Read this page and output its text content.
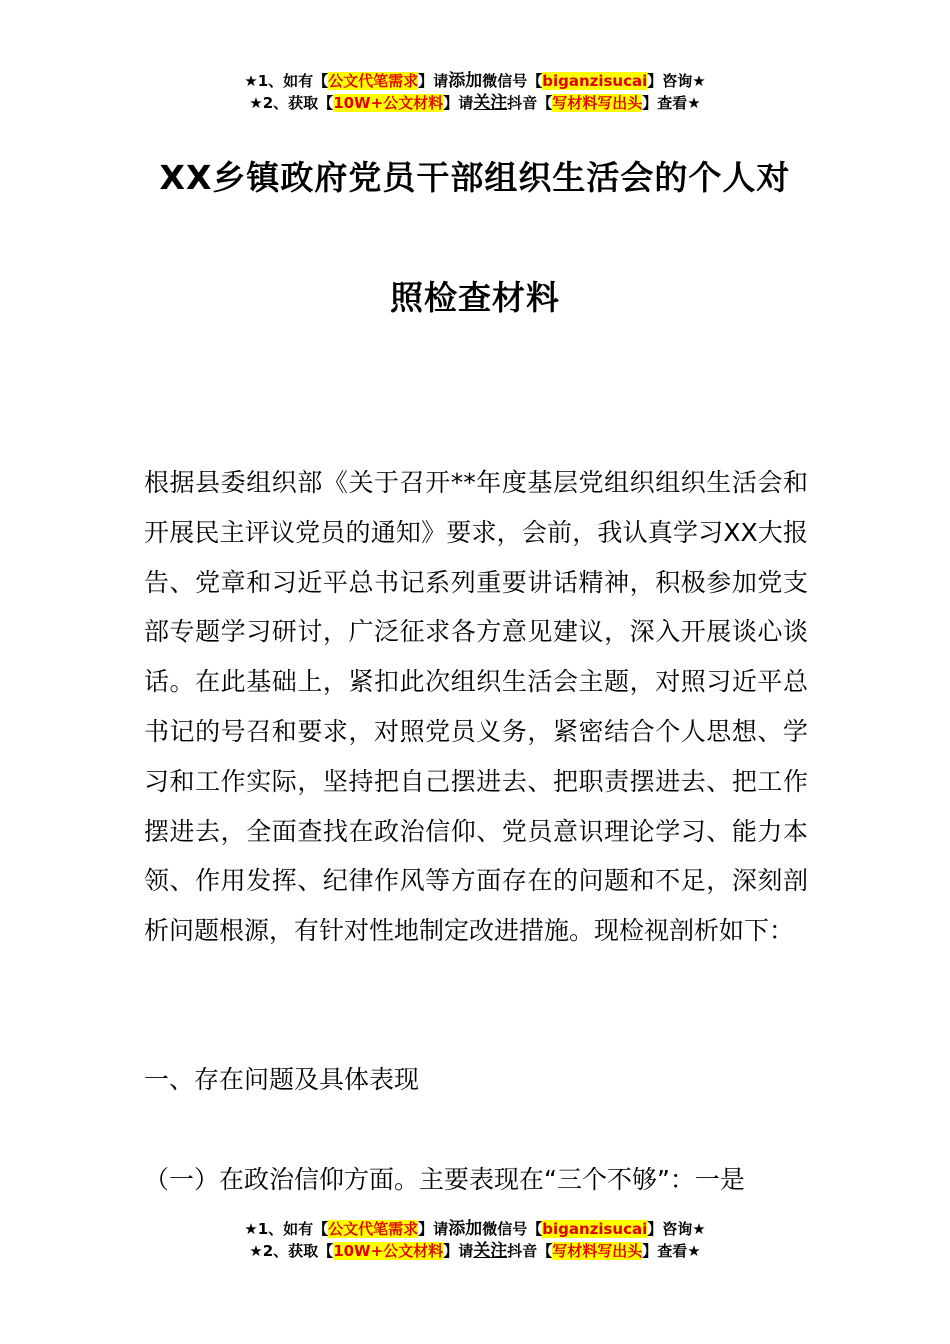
★1、如有【公文代笔需求】请添加微信号【biganzisucai】咨询★
★2、获取【10W+公文材料】请关注抖音【写材料写出头】查看★
XX乡镇政府党员干部组织生活会的个人对
照检查材料
根据县委组织部《关于召开**年度基层党组织组织生活会和开展民主评议党员的通知》要求，会前，我认真学习XX大报告、党章和习近平总书记系列重要讲话精神，积极参加党支部专题学习研讨，广泛征求各方意见建议，深入开展谈心谈话。在此基础上，紧扣此次组织生活会主题，对照习近平总书记的号召和要求，对照党员义务，紧密结合个人思想、学习和工作实际，坚持把自己摆进去、把职责摆进去、把工作摆进去，全面查找在政治信仰、党员意识理论学习、能力本领、作用发挥、纪律作风等方面存在的问题和不足，深刻剖析问题根源，有针对性地制定改进措施。现检视剖析如下：
一、存在问题及具体表现
（一）在政治信仰方面。主要表现在“三个不够”：一是
★1、如有【公文代笔需求】请添加微信号【biganzisucai】咨询★
★2、获取【10W+公文材料】请关注抖音【写材料写出头】查看★
